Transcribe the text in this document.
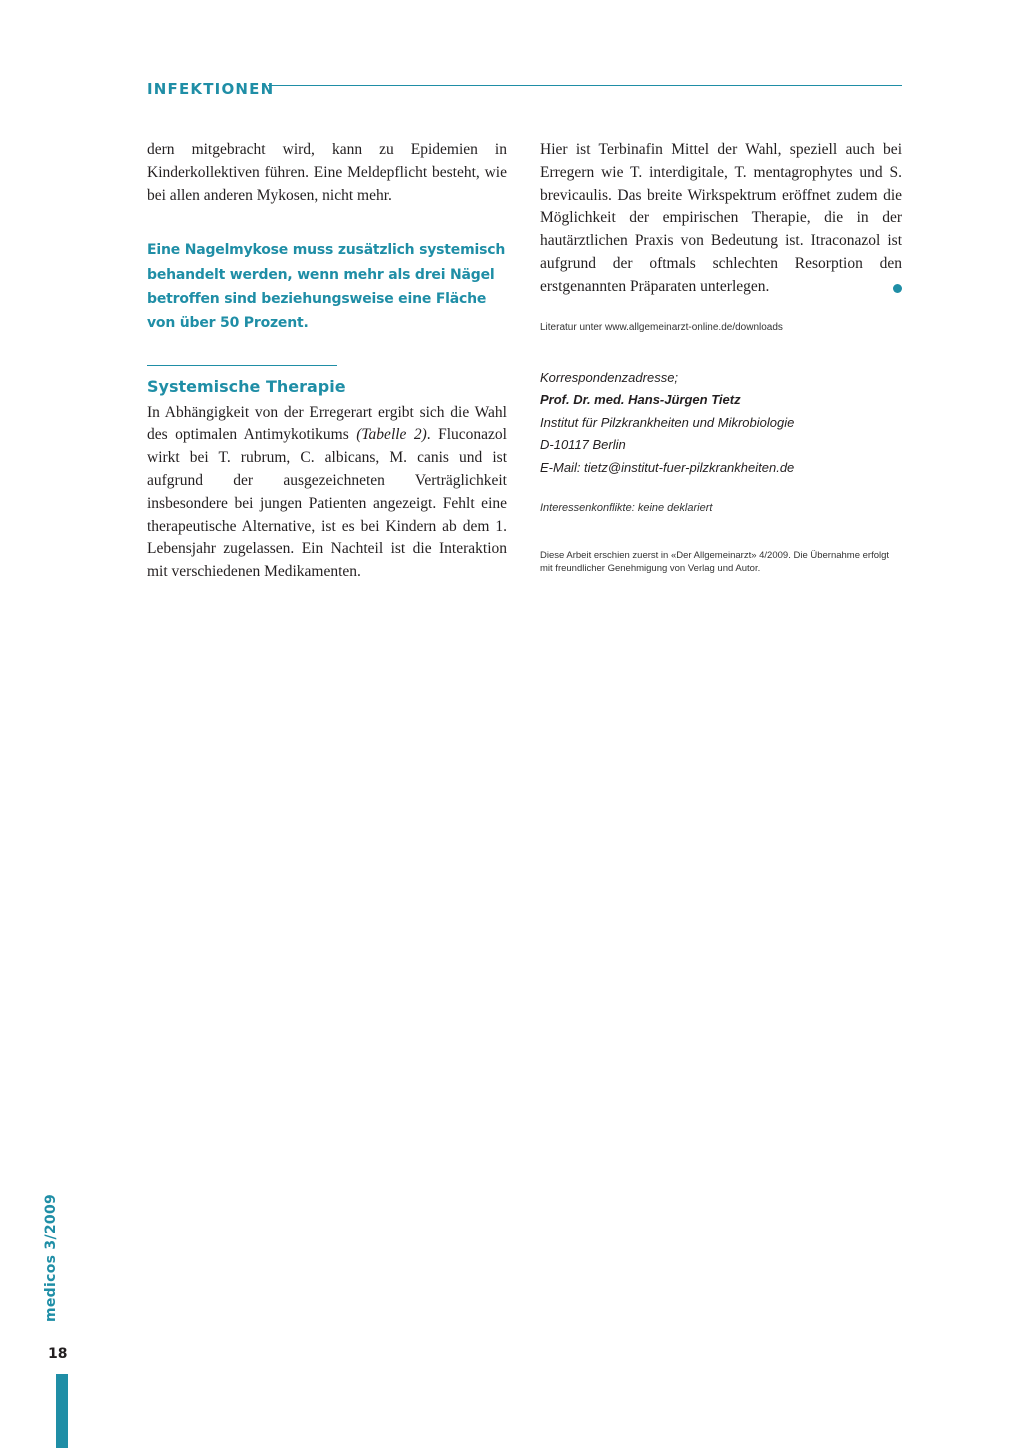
INFEKTIONEN

dern mitgebracht wird, kann zu Epidemien in Kinderkollektiven führen. Eine Meldepflicht besteht, wie bei allen anderen Mykosen, nicht mehr.

Eine Nagelmykose muss zusätzlich systemisch behandelt werden, wenn mehr als drei Nägel betroffen sind beziehungsweise eine Fläche von über 50 Prozent.
Systemische Therapie

In Abhängigkeit von der Erregerart ergibt sich die Wahl des optimalen Antimykotikums (Tabelle 2). Fluconazol wirkt bei T. rubrum, C. albicans, M. canis und ist aufgrund der ausgezeichneten Verträglichkeit insbesondere bei jungen Patienten angezeigt. Fehlt eine therapeutische Alternative, ist es bei Kindern ab dem 1. Lebensjahr zugelassen. Ein Nachteil ist die Interaktion mit verschiedenen Medikamenten.

Hier ist Terbinafin Mittel der Wahl, speziell auch bei Erregern wie T. interdigitale, T. mentagrophytes und S. brevicaulis. Das breite Wirkspektrum eröffnet zudem die Möglichkeit der empirischen Therapie, die in der hautärztlichen Praxis von Bedeutung ist. Itraconazol ist aufgrund der oftmals schlechten Resorption den erstgenannten Präparaten unterlegen.

Literatur unter www.allgemeinarzt-online.de/downloads
Korrespondenzadresse;
Prof. Dr. med. Hans-Jürgen Tietz
Institut für Pilzkrankheiten und Mikrobiologie
D-10117 Berlin
E-Mail: tietz@institut-fuer-pilzkrankheiten.de
Interessenkonflikte: keine deklariert
Diese Arbeit erschien zuerst in «Der Allgemeinarzt» 4/2009. Die Übernahme erfolgt mit freundlicher Genehmigung von Verlag und Autor.
medicos 3/2009
18
